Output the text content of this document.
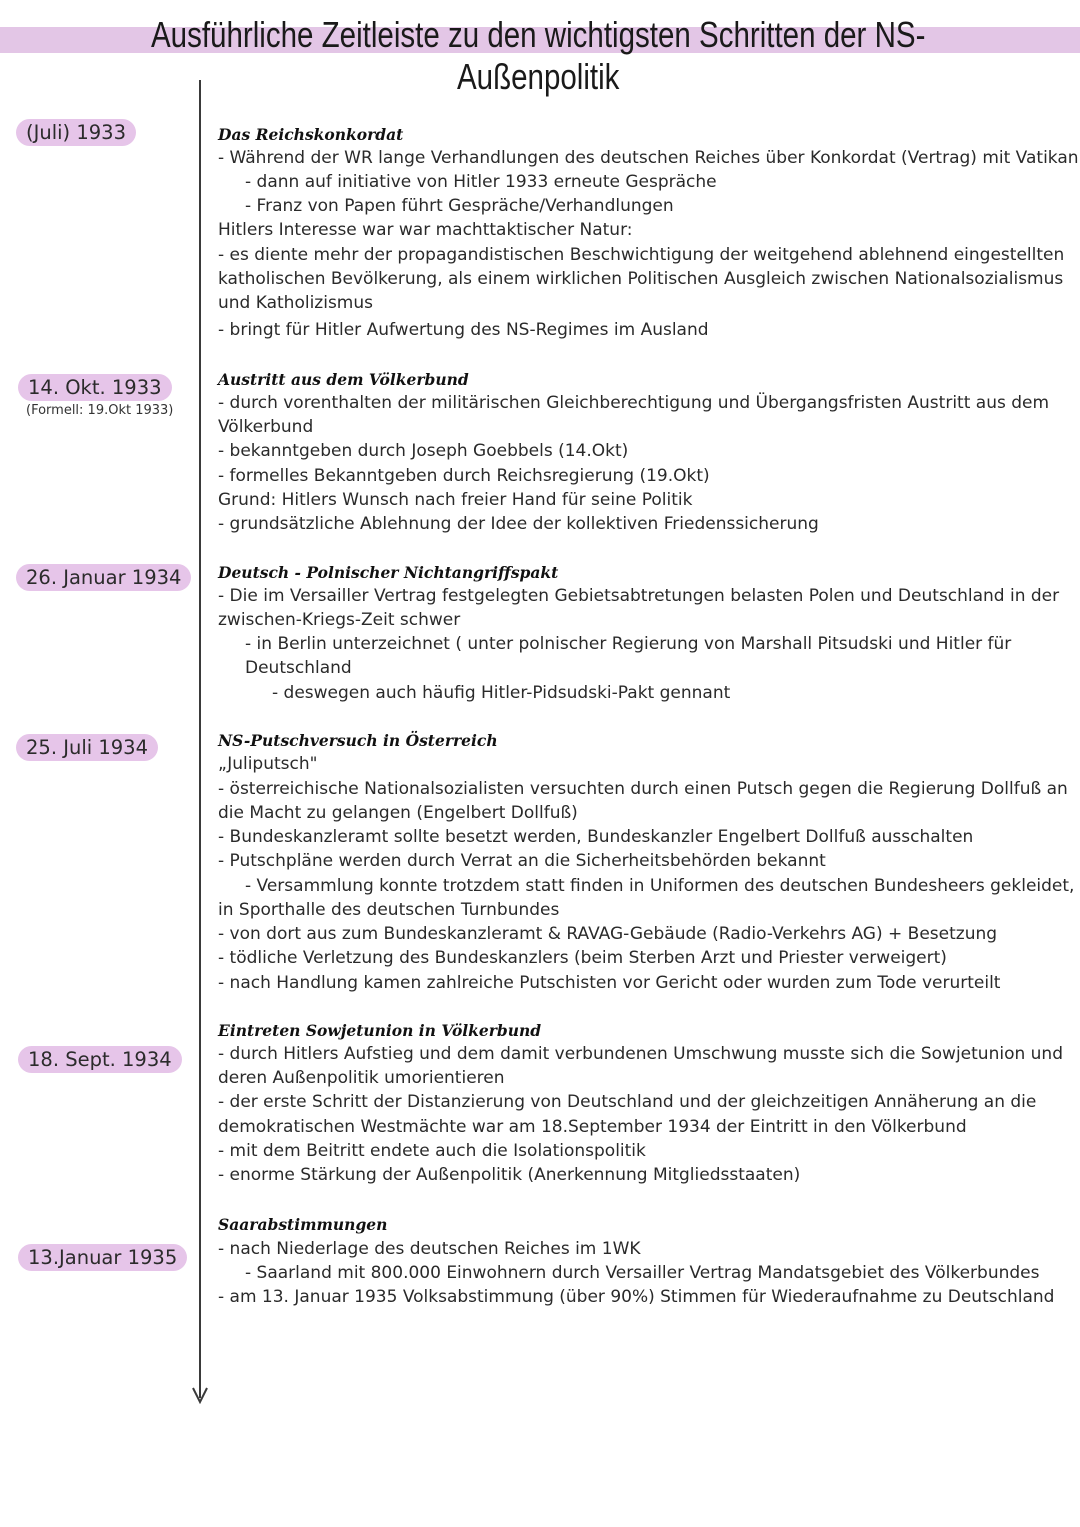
Ausführliche Zeitleiste zu den wichtigsten Schritten der NS-Außenpolitik
(Juli) 1933	Das Reichskonkordat
- Während der WR lange Verhandlungen des deutschen Reiches über Konkordat (Vertrag) mit Vatikan
- dann auf initiative von Hitler 1933 erneute Gespräche
- Franz von Papen führt Gespräche/Verhandlungen
Hitlers Interesse war war machttaktischer Natur:
- es diente mehr der propagandistischen Beschwichtigung der weitgehend ablehnend eingestellten
katholischen Bevölkerung, als einem wirklichen Politischen Ausgleich zwischen Nationalsozialismus
und Katholizismus
- bringt für Hitler Aufwertung des NS-Regimes im Ausland
14. Okt. 1933
(Formell: 19.Okt 1933)
Austritt aus dem Völkerbund
- durch vorenthalten der militärischen Gleichberechtigung und Übergangsfristen Austritt aus dem
Völkerbund
- bekanntgeben durch Joseph Goebbels (14.Okt)
- formelles Bekanntgeben durch Reichsregierung (19.Okt)
Grund: Hitlers Wunsch nach freier Hand für seine Politik
- grundsätzliche Ablehnung der Idee der kollektiven Friedenssicherung
26. Januar 1934	Deutsch - Polnischer Nichtangriffspakt
- Die im Versailler Vertrag festgelegten Gebietsabtretungen belasten Polen und Deutschland in der
zwischen-Kriegs-Zeit schwer
- in Berlin unterzeichnet ( unter polnischer Regierung von Marshall Pitsudski und Hitler für
Deutschland
- deswegen auch häufig Hitler-Pidsudski-Pakt gennant
25. Juli 1934	NS-Putschversuch in Österreich
„Juliputsch"
- österreichische Nationalsozialisten versuchten durch einen Putsch gegen die Regierung Dollfuß an
die Macht zu gelangen (Engelbert Dollfuß)
- Bundeskanzleramt sollte besetzt werden, Bundeskanzler Engelbert Dollfuß ausschalten
- Putschpläne werden durch Verrat an die Sicherheitsbehörden bekannt
- Versammlung konnte trotzdem statt finden in Uniformen des deutschen Bundesheers gekleidet,
in Sporthalle des deutschen Turnbundes
- von dort aus zum Bundeskanzleramt & RAVAG-Gebäude (Radio-Verkehrs AG) + Besetzung
- tödliche Verletzung des Bundeskanzlers (beim Sterben Arzt und Priester verweigert)
- nach Handlung kamen zahlreiche Putschisten vor Gericht oder wurden zum Tode verurteilt
18. Sept. 1934
Eintreten Sowjetunion in Völkerbund
- durch Hitlers Aufstieg und dem damit verbundenen Umschwung musste sich die Sowjetunion und
deren Außenpolitik umorientieren
- der erste Schritt der Distanzierung von Deutschland und der gleichzeitigen Annäherung an die
demokratischen Westmächte war am 18.September 1934 der Eintritt in den Völkerbund
- mit dem Beitritt endete auch die Isolationspolitik
- enorme Stärkung der Außenpolitik (Anerkennung Mitgliedsstaaten)
13.Januar 1935
Saarabstimmungen
- nach Niederlage des deutschen Reiches im 1WK
- Saarland mit 800.000 Einwohnern durch Versailler Vertrag Mandatsgebiet des Völkerbundes
- am 13. Januar 1935 Volksabstimmung (über 90%) Stimmen für Wiederaufnahme zu Deutschland
